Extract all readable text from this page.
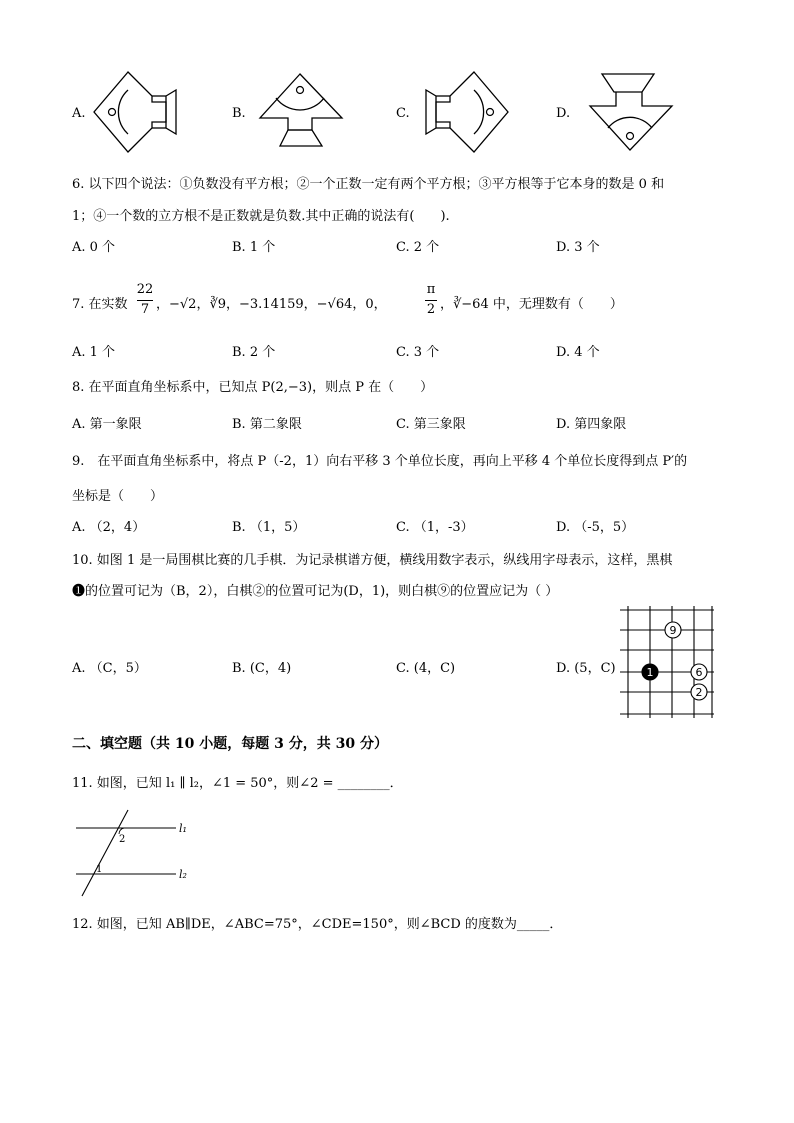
A.	B.	C.	D.
6. 以下四个说法：①负数没有平方根；②一个正数一定有两个平方根；③平方根等于它本身的数是 0 和
1；④一个数的立方根不是正数就是负数.其中正确的说法有(　　).
A. 0 个	B. 1 个	C. 2 个	D. 3 个
7. 在实数
22
7 ，−√2，∛9，−3.14159，−√64，0，
π
2 ，∛−64 中，无理数有（　　）
A. 1 个	B. 2 个	C. 3 个	D. 4 个
8. 在平面直角坐标系中，已知点 P(2,−3)，则点 P 在（　　）
A. 第一象限	B. 第二象限	C. 第三象限	D. 第四象限
9.　在平面直角坐标系中，将点 P（-2，1）向右平移 3 个单位长度，再向上平移 4 个单位长度得到点 P′的
坐标是（　　）
A. （2，4）	B. （1，5）	C. （1，-3）	D. （-5，5）
10. 如图 1 是一局围棋比赛的几手棋．为记录棋谱方便，横线用数字表示，纵线用字母表示，这样，黑棋
❶的位置可记为（B，2），白棋②的位置可记为(D，1)，则白棋⑨的位置应记为（ ）
A. （C，5）	B. (C，4)	C. (4，C)	D. (5，C)
9
1	6
2
二、填空题（共 10 小题，每题 3 分，共 30 分）
11. 如图，已知 l₁ ∥ l₂，∠1 = 50°，则∠2 = ________．
l₁
l₂
1
2
12. 如图，已知 AB∥DE，∠ABC=75°，∠CDE=150°，则∠BCD 的度数为_____．
